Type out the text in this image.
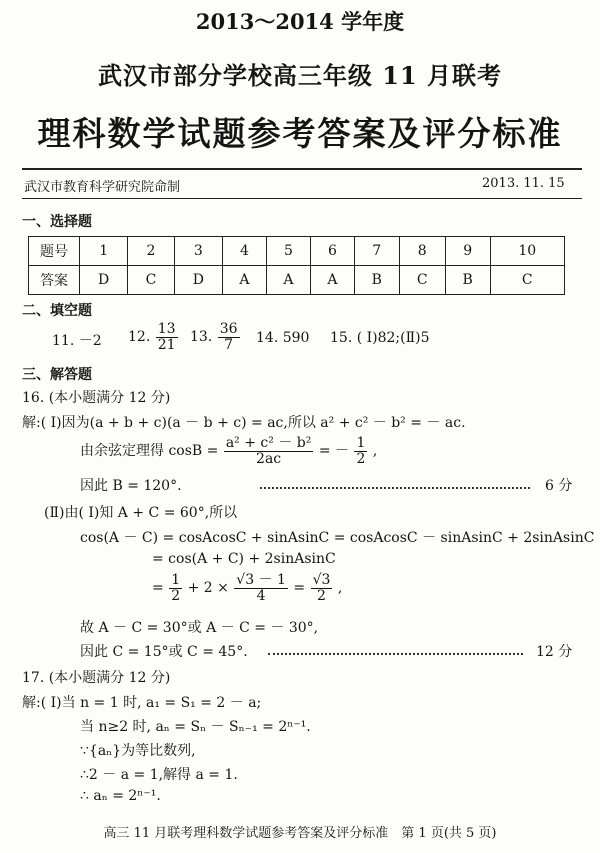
2013～2014 学年度
武汉市部分学校高三年级 11 月联考
理科数学试题参考答案及评分标准
武汉市教育科学研究院命制	2013. 11. 15
一、选择题
题号	1	2	3	4	5	6	7	8	9	10
答案	D	C	D	A	A	A	B	C	B	C
二、填空题
11. －2 12. $\frac{13}{21} 13$. $\frac{36}{7} 14$. 590 15. ( Ⅰ)82;(Ⅱ)5
三、解答题
16. (本小题满分 12 分)
解:( Ⅰ)因为(a + b + c)(a － b + c) = ac,所以 a² + c² － b² = － ac.
由余弦定理得 $\cos B = \frac{\text{a² + c² － b²}}{2ac}$ = － $\frac{1}{2}$ ,
因此 B = 120°.	6 分
(Ⅱ)由( Ⅰ)知 A + C = 60°,所以
cos(A － C) = cosAcosC + sinAsinC = cosAcosC － sinAsinC + 2sinAsinC
= cos(A + C) + 2sinAsinC
= $\frac{1}{2} + 2 \times \frac{√3 - 1}{4} = \frac{√3}{2}$ ,
故 A － C = 30°或 A － C = － 30°,
因此 C = 15°或 C = 45°.	12 分
17. (本小题满分 12 分)
解:( Ⅰ)当 n = 1 时, a₁ = S₁ = 2 － a;
当 n≥2 时, aₙ = Sₙ － Sₙ₋₁ = 2ⁿ⁻¹.
∵{aₙ}为等比数列,
∴2 － a = 1,解得 a = 1.
∴ aₙ = 2ⁿ⁻¹.
高三 11 月联考理科数学试题参考答案及评分标准　第 1 页(共 5 页)
